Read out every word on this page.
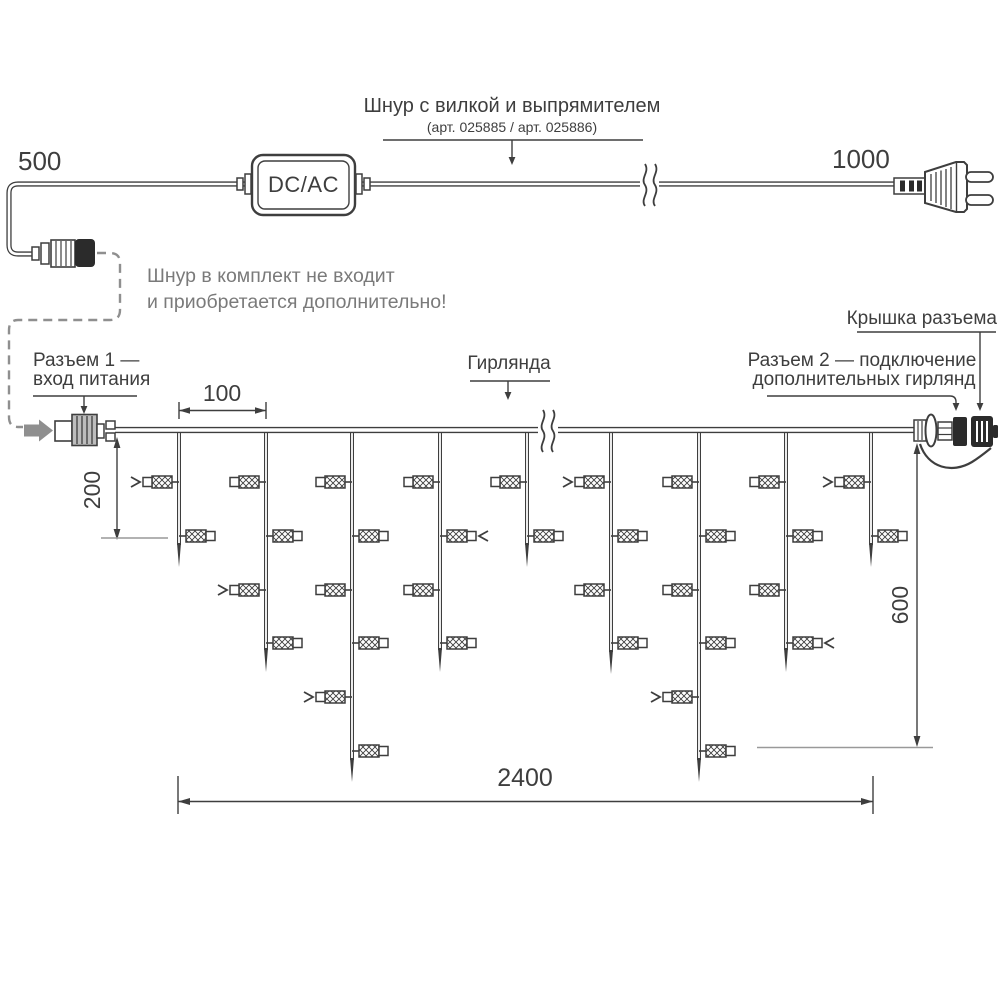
500	1000
Шнур с вилкой и выпрямителем
(арт. 025885 / арт. 025886)
DC/AC
Шнур в комплект не входит
и приобретается дополнительно!
Разъем 1 —
вход питания
100
Гирлянда	Разъем 2 — подключение
дополнительных гирлянд
Крышка разъема
200
600
2400
